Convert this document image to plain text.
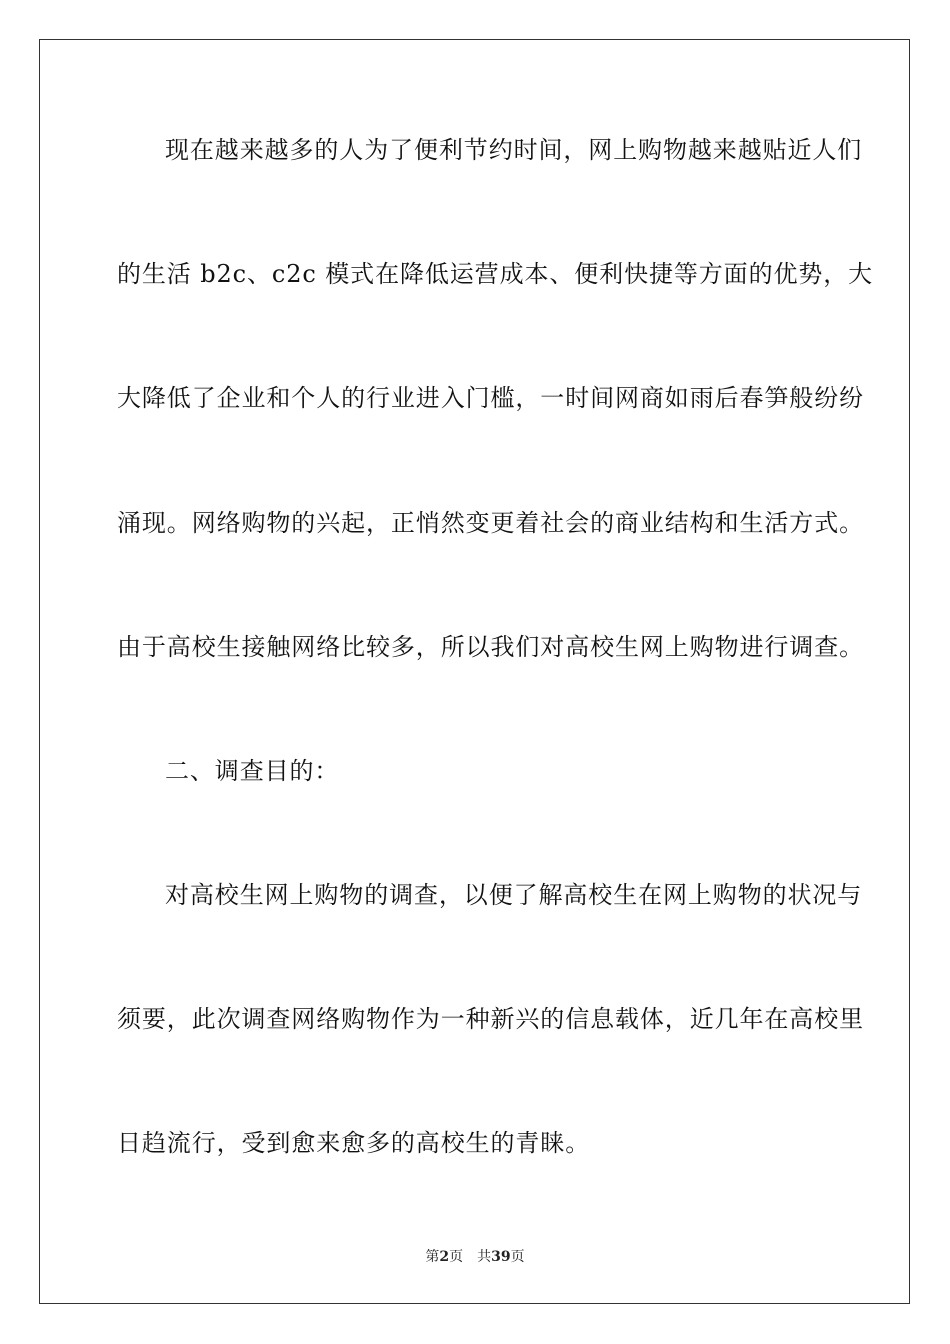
现在越来越多的人为了便利节约时间，网上购物越来越贴近人们
的生活 b2c、c2c 模式在降低运营成本、便利快捷等方面的优势，大
大降低了企业和个人的行业进入门槛，一时间网商如雨后春笋般纷纷
涌现。网络购物的兴起，正悄然变更着社会的商业结构和生活方式。
由于高校生接触网络比较多，所以我们对高校生网上购物进行调查。
二、调查目的：
对高校生网上购物的调查，以便了解高校生在网上购物的状况与
须要，此次调查网络购物作为一种新兴的信息载体，近几年在高校里
日趋流行，受到愈来愈多的高校生的青睐。
第2页 共39页
